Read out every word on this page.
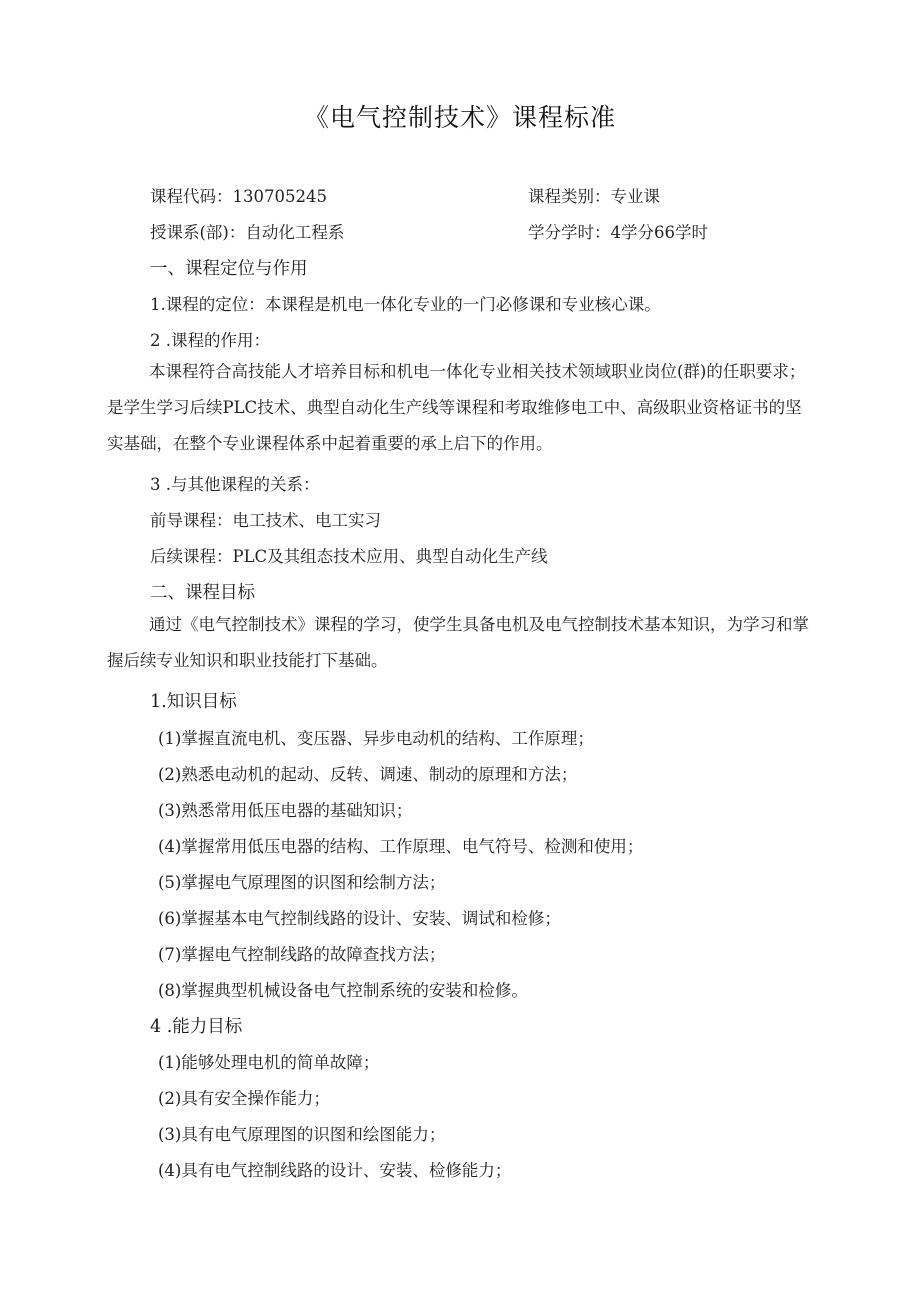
《电气控制技术》课程标准
课程代码：130705245	课程类别：专业课
授课系(部)：自动化工程系	学分学时：4学分66学时
一、课程定位与作用
1.课程的定位：本课程是机电一体化专业的一门必修课和专业核心课。
2 .课程的作用：
本课程符合高技能人才培养目标和机电一体化专业相关技术领域职业岗位(群)的任职要求；
是学生学习后续PLC技术、典型自动化生产线等课程和考取维修电工中、高级职业资格证书的坚
实基础，在整个专业课程体系中起着重要的承上启下的作用。
3 .与其他课程的关系：
前导课程：电工技术、电工实习
后续课程：PLC及其组态技术应用、典型自动化生产线
二、课程目标
通过《电气控制技术》课程的学习，使学生具备电机及电气控制技术基本知识，为学习和掌
握后续专业知识和职业技能打下基础。
1.知识目标
(1)掌握直流电机、变压器、异步电动机的结构、工作原理；
(2)熟悉电动机的起动、反转、调速、制动的原理和方法；
(3)熟悉常用低压电器的基础知识；
(4)掌握常用低压电器的结构、工作原理、电气符号、检测和使用；
(5)掌握电气原理图的识图和绘制方法；
(6)掌握基本电气控制线路的设计、安装、调试和检修；
(7)掌握电气控制线路的故障查找方法；
(8)掌握典型机械设备电气控制系统的安装和检修。
4 .能力目标
(1)能够处理电机的简单故障；
(2)具有安全操作能力；
(3)具有电气原理图的识图和绘图能力；
(4)具有电气控制线路的设计、安装、检修能力；
